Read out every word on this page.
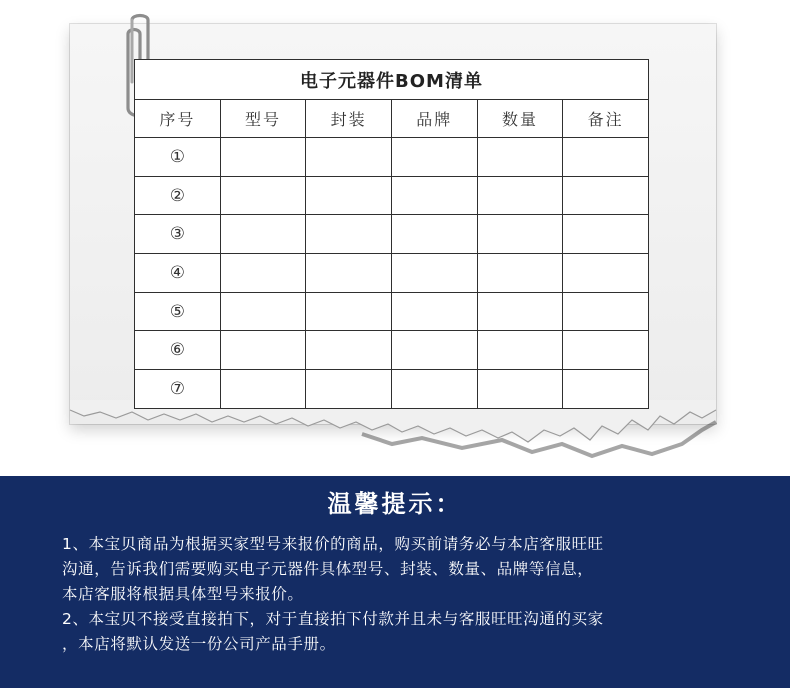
电子元器件BOM清单					
序号	型号	封装	品牌	数量	备注
①					
②					
③					
④					
⑤					
⑥					
⑦					
温馨提示：
1、本宝贝商品为根据买家型号来报价的商品，购买前请务必与本店客服旺旺
沟通，告诉我们需要购买电子元器件具体型号、封装、数量、品牌等信息，
本店客服将根据具体型号来报价。
2、本宝贝不接受直接拍下，对于直接拍下付款并且未与客服旺旺沟通的买家
，本店将默认发送一份公司产品手册。
